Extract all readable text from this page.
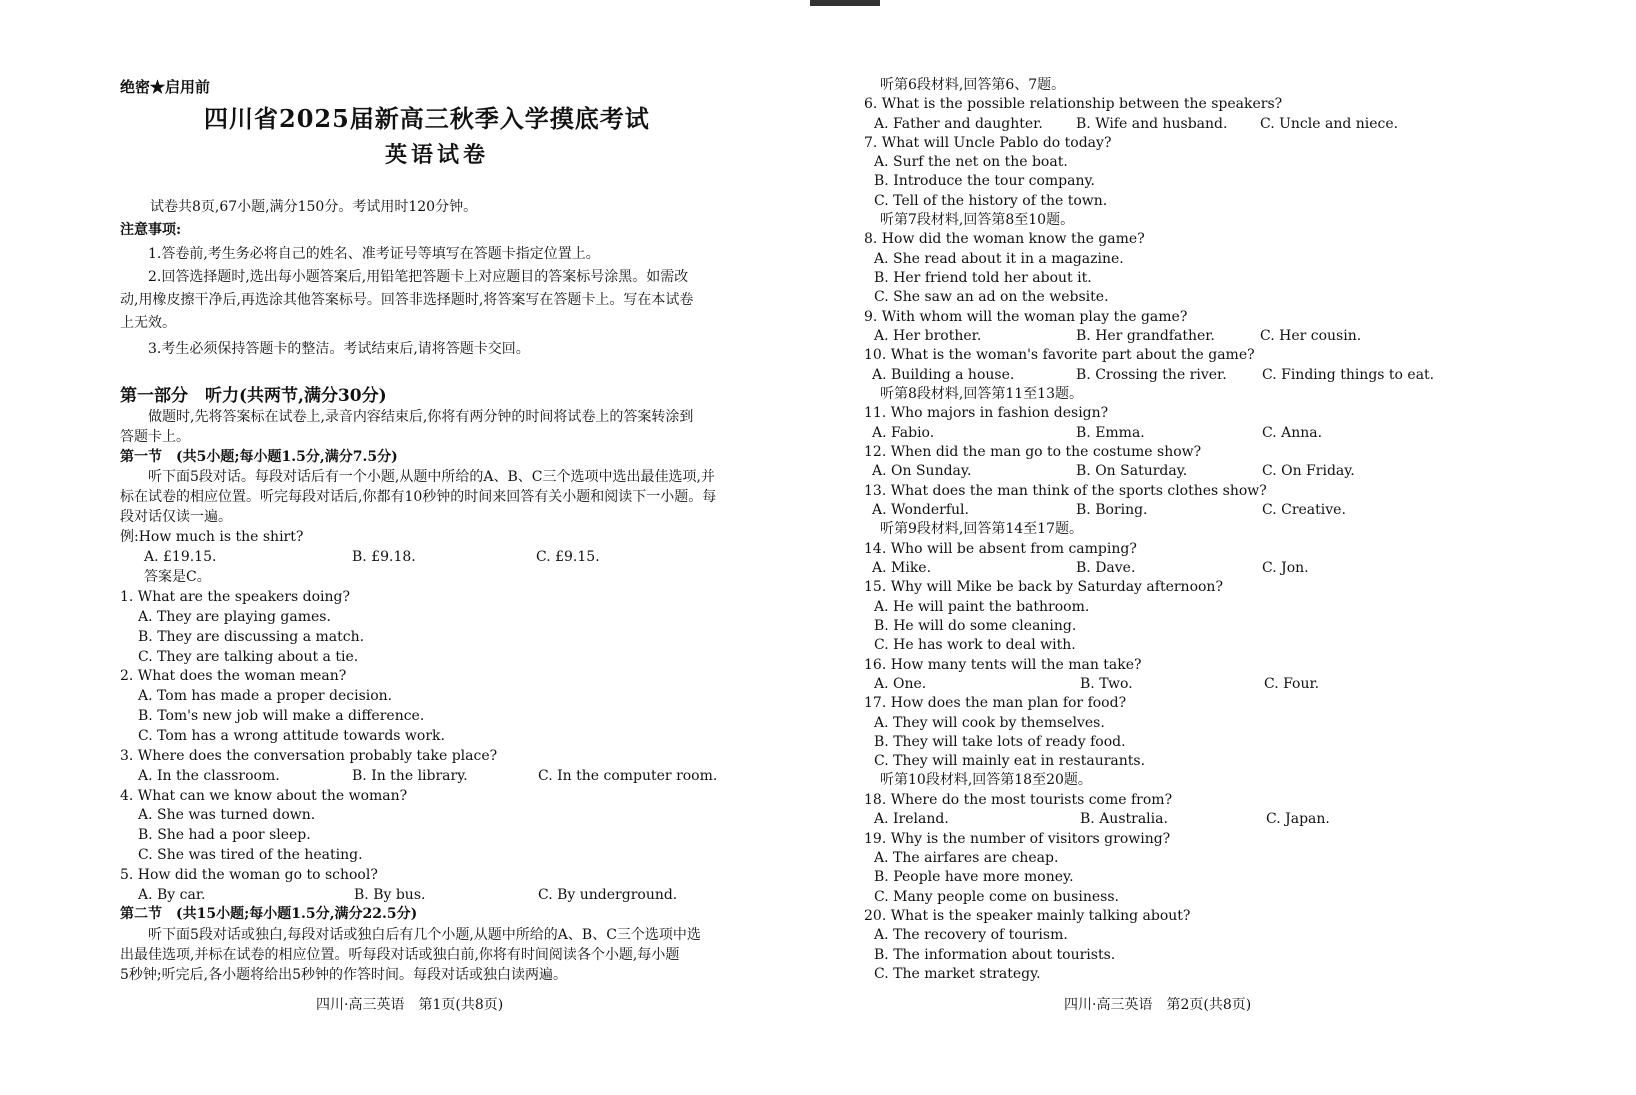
绝密★启用前
四川省2025届新高三秋季入学摸底考试
英语试卷
试卷共8页,67小题,满分150分。考试用时120分钟。
注意事项:
1.答卷前,考生务必将自己的姓名、准考证号等填写在答题卡指定位置上。
2.回答选择题时,选出每小题答案后,用铅笔把答题卡上对应题目的答案标号涂黑。如需改
动,用橡皮擦干净后,再选涂其他答案标号。回答非选择题时,将答案写在答题卡上。写在本试卷
上无效。
3.考生必须保持答题卡的整洁。考试结束后,请将答题卡交回。
第一部分　听力(共两节,满分30分)
做题时,先将答案标在试卷上,录音内容结束后,你将有两分钟的时间将试卷上的答案转涂到
答题卡上。
第一节　(共5小题;每小题1.5分,满分7.5分)
听下面5段对话。每段对话后有一个小题,从题中所给的A、B、C三个选项中选出最佳选项,并
标在试卷的相应位置。听完每段对话后,你都有10秒钟的时间来回答有关小题和阅读下一小题。每
段对话仅读一遍。
例:How much is the shirt?
A. £19.15.	B. £9.18.	C. £9.15.
答案是C。
1. What are the speakers doing?
A. They are playing games.
B. They are discussing a match.
C. They are talking about a tie.
2. What does the woman mean?
A. Tom has made a proper decision.
B. Tom's new job will make a difference.
C. Tom has a wrong attitude towards work.
3. Where does the conversation probably take place?
A. In the classroom.	B. In the library.	C. In the computer room.
4. What can we know about the woman?
A. She was turned down.
B. She had a poor sleep.
C. She was tired of the heating.
5. How did the woman go to school?
A. By car.	B. By bus.	C. By underground.
第二节　(共15小题;每小题1.5分,满分22.5分)
听下面5段对话或独白,每段对话或独白后有几个小题,从题中所给的A、B、C三个选项中选
出最佳选项,并标在试卷的相应位置。听每段对话或独白前,你将有时间阅读各个小题,每小题
5秒钟;听完后,各小题将给出5秒钟的作答时间。每段对话或独白读两遍。
四川·高三英语　第1页(共8页)
听第6段材料,回答第6、7题。
6. What is the possible relationship between the speakers?
A. Father and daughter. B. Wife and husband. C. Uncle and niece.
7. What will Uncle Pablo do today?
A. Surf the net on the boat.
B. Introduce the tour company.
C. Tell of the history of the town.
听第7段材料,回答第8至10题。
8. How did the woman know the game?
A. She read about it in a magazine.
B. Her friend told her about it.
C. She saw an ad on the website.
9. With whom will the woman play the game?
A. Her brother.	B. Her grandfather.	C. Her cousin.
10. What is the woman's favorite part about the game?
A. Building a house.	B. Crossing the river.	C. Finding things to eat.
听第8段材料,回答第11至13题。
11. Who majors in fashion design?
A. Fabio.	B. Emma.	C. Anna.
12. When did the man go to the costume show?
A. On Sunday.	B. On Saturday.	C. On Friday.
13. What does the man think of the sports clothes show?
A. Wonderful.	B. Boring.	C. Creative.
听第9段材料,回答第14至17题。
14. Who will be absent from camping?
A. Mike.	B. Dave.	C. Jon.
15. Why will Mike be back by Saturday afternoon?
A. He will paint the bathroom.
B. He will do some cleaning.
C. He has work to deal with.
16. How many tents will the man take?
A. One.	B. Two.	C. Four.
17. How does the man plan for food?
A. They will cook by themselves.
B. They will take lots of ready food.
C. They will mainly eat in restaurants.
听第10段材料,回答第18至20题。
18. Where do the most tourists come from?
A. Ireland.	B. Australia.	C. Japan.
19. Why is the number of visitors growing?
A. The airfares are cheap.
B. People have more money.
C. Many people come on business.
20. What is the speaker mainly talking about?
A. The recovery of tourism.
B. The information about tourists.
C. The market strategy.
四川·高三英语　第2页(共8页)
